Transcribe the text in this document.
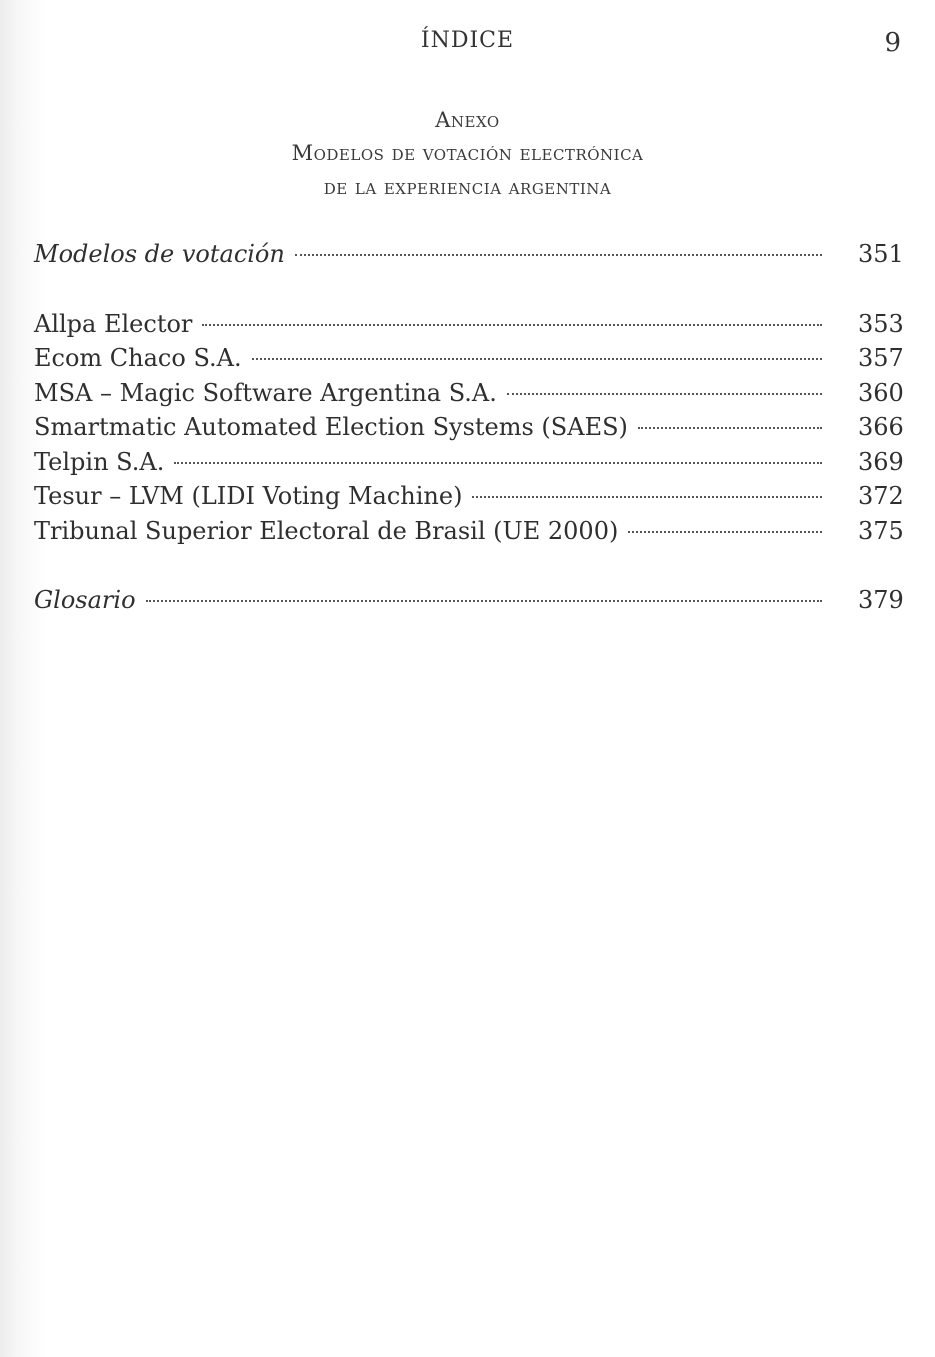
ÍNDICE	9
Anexo
Modelos de votación electrónica
de la experiencia argentina
Modelos de votación	351
Allpa Elector	353
Ecom Chaco S.A.	357
MSA – Magic Software Argentina S.A.	360
Smartmatic Automated Election Systems (SAES)	366
Telpin S.A.	369
Tesur – LVM (LIDI Voting Machine)	372
Tribunal Superior Electoral de Brasil (UE 2000)	375
Glosario	379
